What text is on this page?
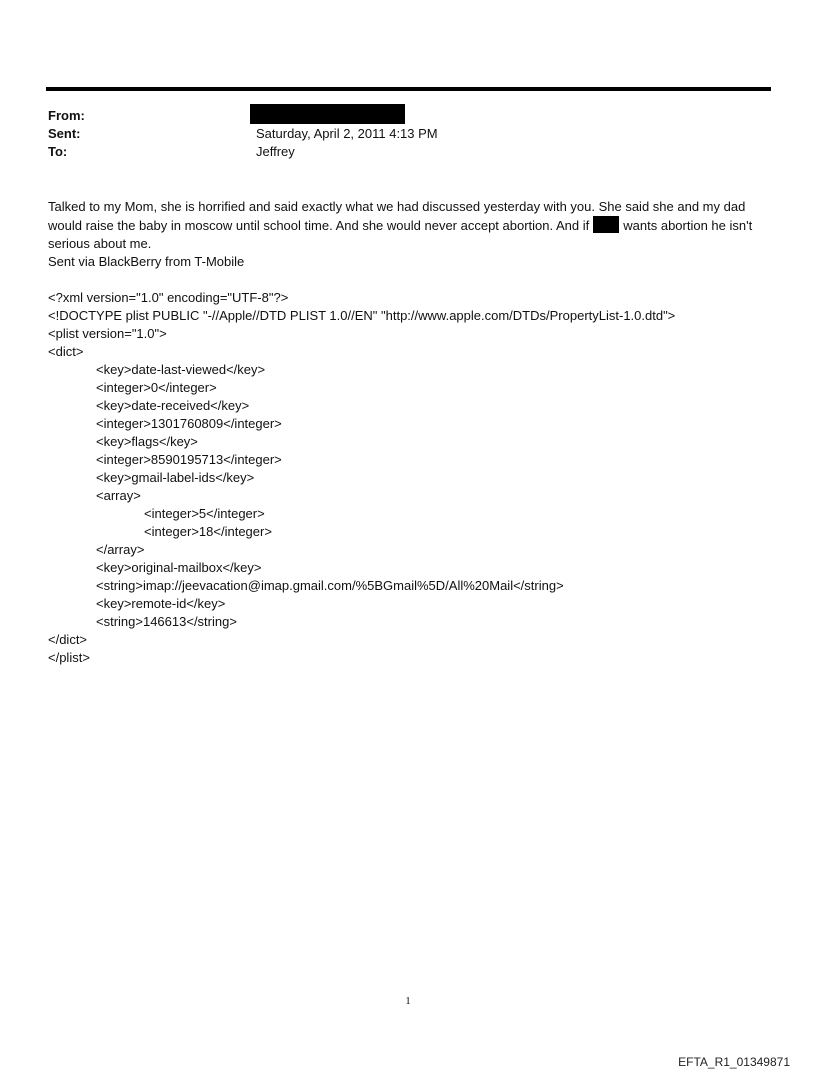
From:
Sent:	Saturday, April 2, 2011 4:13 PM
To:	Jeffrey

Talked to my Mom, she is horrified and said exactly what we had discussed yesterday with you. She said she and my dad would raise the baby in moscow until school time. And she would never accept abortion. And if	wants abortion he isn't serious about me.

Sent via BlackBerry from T-Mobile

<?xml version="1.0" encoding="UTF-8"?>
<!DOCTYPE plist PUBLIC "-//Apple//DTD PLIST 1.0//EN" "http://www.apple.com/DTDs/PropertyList-1.0.dtd">
<plist version="1.0">
<dict>
<key>date-last-viewed</key>
<integer>0</integer>
<key>date-received</key>
<integer>1301760809</integer>
<key>flags</key>
<integer>8590195713</integer>
<key>gmail-label-ids</key>
<array>
<integer>5</integer>
<integer>18</integer>
</array>
<key>original-mailbox</key>
<string>imap://jeevacation@imap.gmail.com/%5BGmail%5D/All%20Mail</string>
<key>remote-id</key>
<string>146613</string>
</dict>
</plist>
1
EFTA_R1_01349871
